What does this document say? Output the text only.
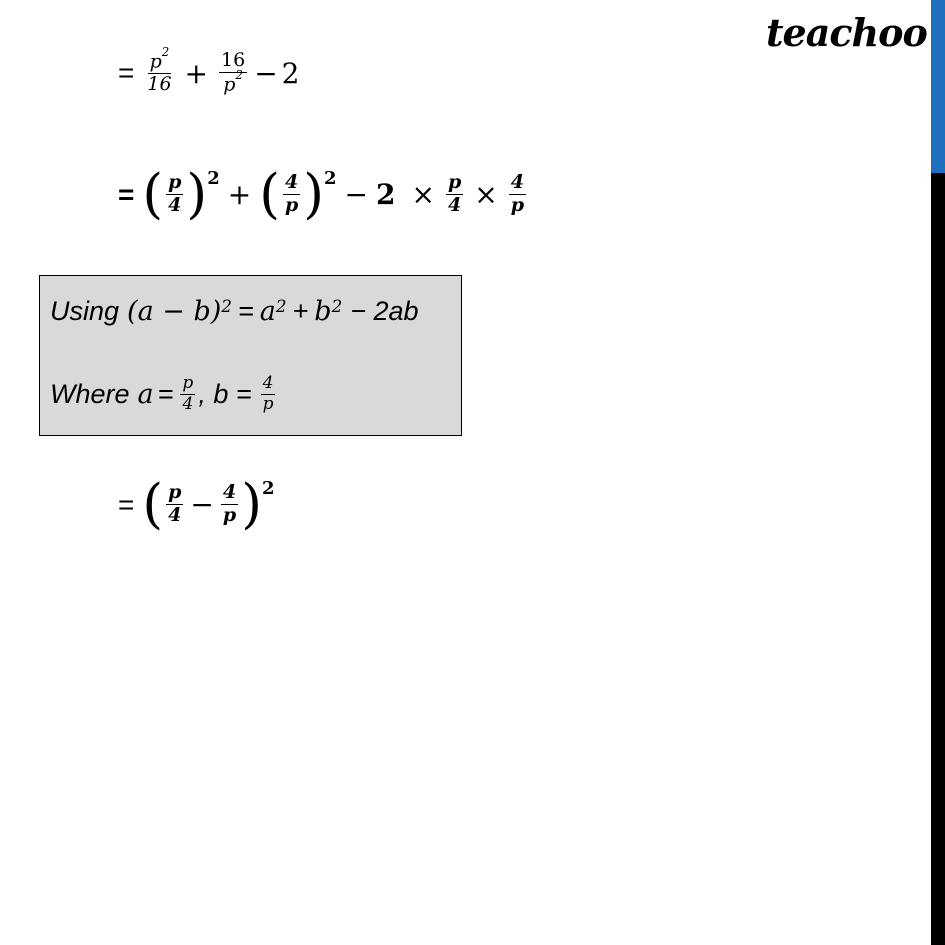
teachoo
= $\frac{p^2}{16} + \frac{16}{p^2} - 2$
= ( $\frac{p}{4}$ ) 2 + ( $\frac{4}{p}$ ) $2 - 2 \times \frac{p}{4} \times \frac{4}{p}$
Using (a − b) 2 = a 2 + b 2 − 2ab
Where $a = \frac{p}{4}$ , $b = \frac{4}{p}$
= ( $\frac{p}{4} - \frac{4}{p}$ ) 2
